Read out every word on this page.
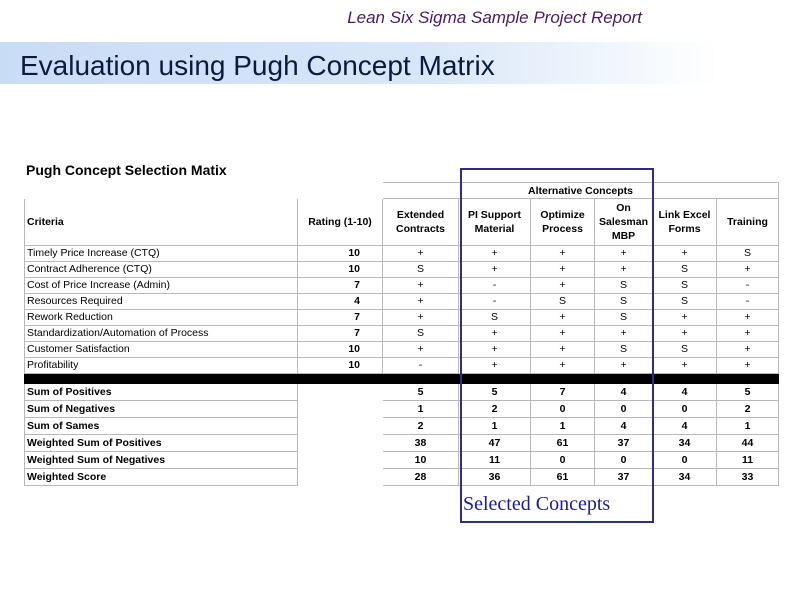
Lean Six Sigma Sample Project Report
Evaluation using Pugh Concept Matrix
Pugh Concept Selection Matix
		Alternative Concepts					
Criteria	Rating (1-10)	Extended Contracts	PI Support Material	Optimize Process	On Salesman MBP	Link Excel Forms	Training
Timely Price Increase (CTQ)	10	+	+	+	+	+	S
Contract Adherence (CTQ)	10	S	+	+	+	S	+
Cost of Price Increase (Admin)	7	+	-	+	S	S	-
Resources Required	4	+	-	S	S	S	-
Rework Reduction	7	+	S	+	S	+	+
Standardization/Automation of Process	7	S	+	+	+	+	+
Customer Satisfaction	10	+	+	+	S	S	+
Profitability	10	-	+	+	+	+	+

Sum of Positives		5	5	7	4	4	5
Sum of Negatives		1	2	0	0	0	2
Sum of Sames		2	1	1	4	4	1
Weighted Sum of Positives		38	47	61	37	34	44
Weighted Sum of Negatives		10	11	0	0	0	11
Weighted Score		28	36	61	37	34	33
Selected Concepts
